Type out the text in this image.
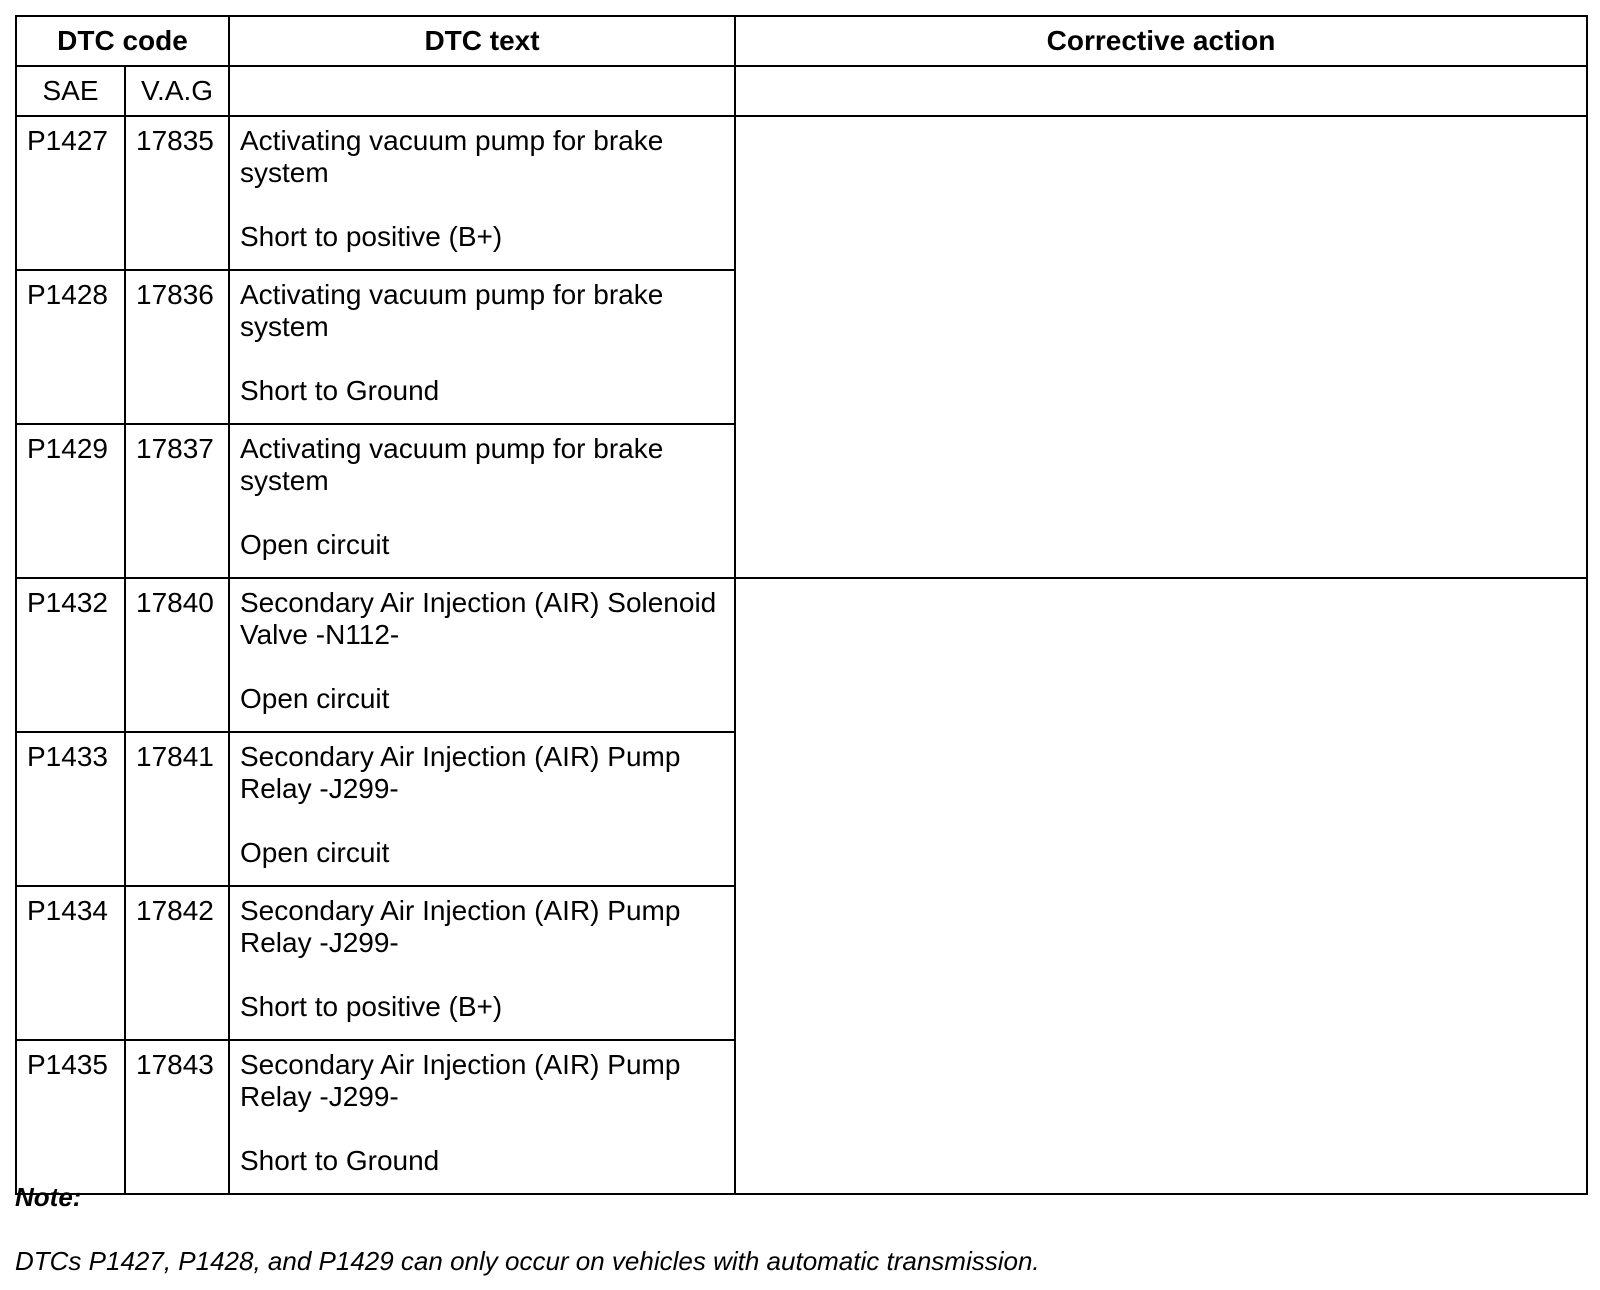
DTC code		DTC text	Corrective action
SAE	V.A.G		
P1427	17835	Activating vacuum pump for brake system
Short to positive (B+)	

P1428	17836	Activating vacuum pump for brake system
Short to Ground	

P1429	17837	Activating vacuum pump for brake system
Open circuit	

P1432	17840	Secondary Air Injection (AIR) Solenoid Valve -N112-
Open circuit	

P1433	17841	Secondary Air Injection (AIR) Pump Relay -J299-
Open circuit	

P1434	17842	Secondary Air Injection (AIR) Pump Relay -J299-
Short to positive (B+)	

P1435	17843	Secondary Air Injection (AIR) Pump Relay -J299-
Short to Ground	
Note:
DTCs P1427, P1428, and P1429 can only occur on vehicles with automatic transmission.
